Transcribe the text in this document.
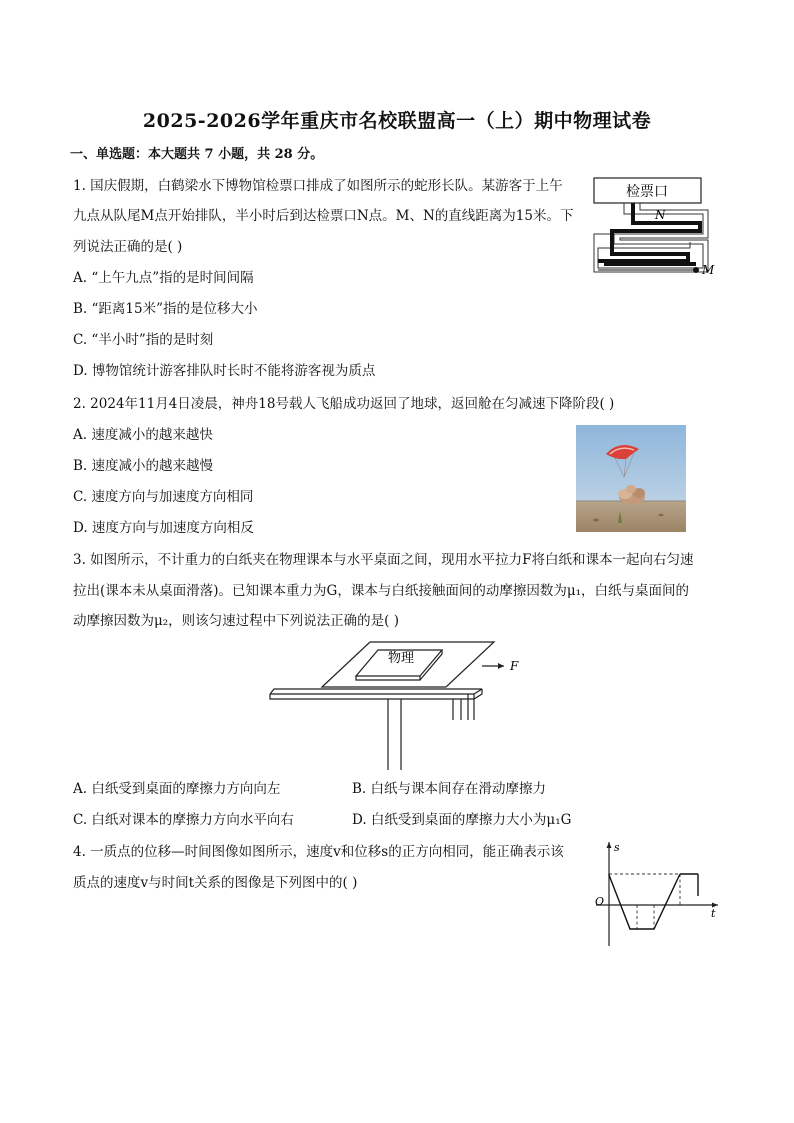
2025-2026学年重庆市名校联盟高一（上）期中物理试卷
一、单选题：本大题共 7 小题，共 28 分。
1. 国庆假期，白鹤梁水下博物馆检票口排成了如图所示的蛇形长队。某游客于上午
九点从队尾M点开始排队，半小时后到达检票口N点。M、N的直线距离为15米。下
列说法正确的是( )
A. “上午九点”指的是时间间隔
B. “距离15米”指的是位移大小
C. “半小时”指的是时刻
D. 博物馆统计游客排队时长时不能将游客视为质点
检票口
N
M
2. 2024年11月4日凌晨，神舟18号载人飞船成功返回了地球，返回舱在匀减速下降阶段( )
A. 速度减小的越来越快
B. 速度减小的越来越慢
C. 速度方向与加速度方向相同
D. 速度方向与加速度方向相反
3. 如图所示，不计重力的白纸夹在物理课本与水平桌面之间，现用水平拉力F将白纸和课本一起向右匀速
拉出(课本未从桌面滑落)。已知课本重力为G，课本与白纸接触面间的动摩擦因数为μ₁，白纸与桌面间的
动摩擦因数为μ₂，则该匀速过程中下列说法正确的是( )
物理	F
A. 白纸受到桌面的摩擦力方向向左	B. 白纸与课本间存在滑动摩擦力
C. 白纸对课本的摩擦力方向水平向右	D. 白纸受到桌面的摩擦力大小为μ₁G
4. 一质点的位移—时间图像如图所示，速度v和位移s的正方向相同，能正确表示该
质点的速度v与时间t关系的图像是下列图中的( )
s
t
O
